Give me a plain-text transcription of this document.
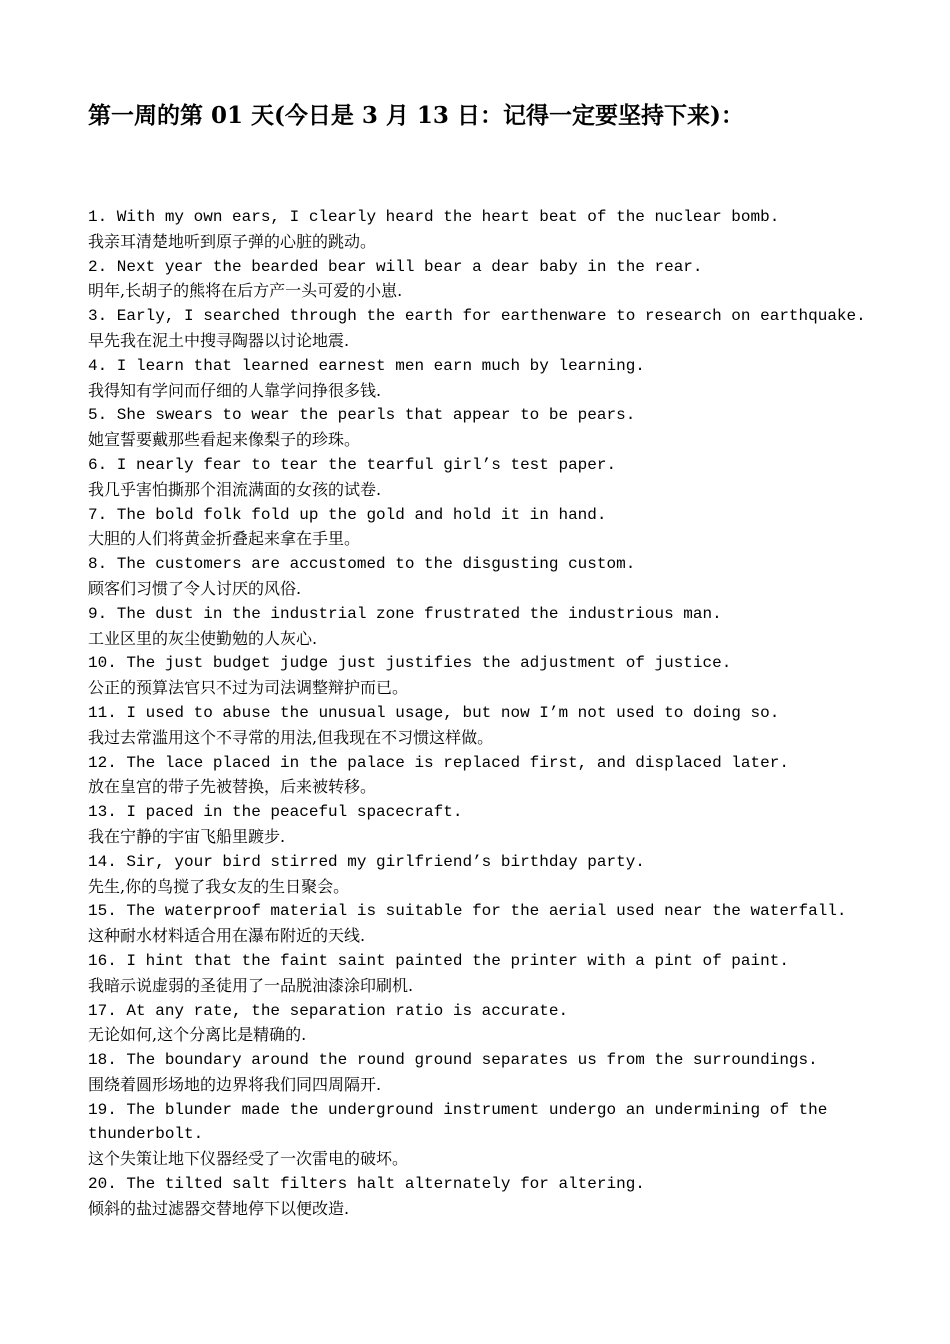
第一周的第 01 天(今日是 3 月 13 日：记得一定要坚持下来)：
1. With my own ears, I clearly heard the heart beat of the nuclear bomb.
我亲耳清楚地听到原子弹的心脏的跳动。
2. Next year the bearded bear will bear a dear baby in the rear.
明年,长胡子的熊将在后方产一头可爱的小崽.
3. Early, I searched through the earth for earthenware to research on earthquake.
早先我在泥土中搜寻陶器以讨论地震.
4. I learn that learned earnest men earn much by learning.
我得知有学问而仔细的人靠学问挣很多钱.
5. She swears to wear the pearls that appear to be pears.
她宣誓要戴那些看起来像梨子的珍珠。
6. I nearly fear to tear the tearful girl’s test paper.
我几乎害怕撕那个泪流满面的女孩的试卷.
7. The bold folk fold up the gold and hold it in hand.
大胆的人们将黄金折叠起来拿在手里。
8. The customers are accustomed to the disgusting custom.
顾客们习惯了令人讨厌的风俗.
9. The dust in the industrial zone frustrated the industrious man.
工业区里的灰尘使勤勉的人灰心.
10. The just budget judge just justifies the adjustment of justice.
公正的预算法官只不过为司法调整辩护而已。
11. I used to abuse the unusual usage, but now I’m not used to doing so.
我过去常滥用这个不寻常的用法,但我现在不习惯这样做。
12. The lace placed in the palace is replaced first, and displaced later.
放在皇宫的带子先被替换，后来被转移。
13. I paced in the peaceful spacecraft.
我在宁静的宇宙飞船里踱步.
14. Sir, your bird stirred my girlfriend’s birthday party.
先生,你的鸟搅了我女友的生日聚会。
15. The waterproof material is suitable for the aerial used near the waterfall.
这种耐水材料适合用在瀑布附近的天线.
16. I hint that the faint saint painted the printer with a pint of paint.
我暗示说虚弱的圣徒用了一品脱油漆涂印刷机.
17. At any rate, the separation ratio is accurate.
无论如何,这个分离比是精确的.
18. The boundary around the round ground separates us from the surroundings.
围绕着圆形场地的边界将我们同四周隔开.
19. The blunder made the underground instrument undergo an undermining of the thunderbolt.
这个失策让地下仪器经受了一次雷电的破坏。
20. The tilted salt filters halt alternately for altering.
倾斜的盐过滤器交替地停下以便改造.
